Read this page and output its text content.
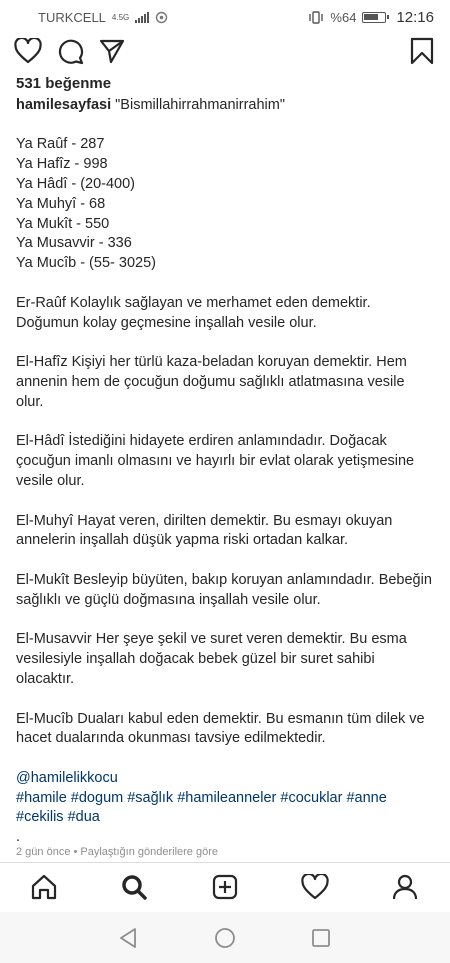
TURKCELL 4.5G	%64	12:16
531 beğenme
hamilesayfasi "Bismillahirrahmanirrahim"
Ya Raûf - 287
Ya Hafîz - 998
Ya Hâdî - (20-400)
Ya Muhyî - 68
Ya Mukît - 550
Ya Musavvir - 336
Ya Mucîb - (55- 3025)
Er-Raûf Kolaylık sağlayan ve merhamet eden demektir.
Doğumun kolay geçmesine inşallah vesile olur.
El-Hafîz Kişiyi her türlü kaza-beladan koruyan demektir. Hem
annenin hem de çocuğun doğumu sağlıklı atlatmasına vesile
olur.
El-Hâdî İstediğini hidayete erdiren anlamındadır. Doğacak
çocuğun imanlı olmasını ve hayırlı bir evlat olarak yetişmesine
vesile olur.
El-Muhyî Hayat veren, dirilten demektir. Bu esmayı okuyan
annelerin inşallah düşük yapma riski ortadan kalkar.
El-Mukît Besleyip büyüten, bakıp koruyan anlamındadır. Bebeğin
sağlıklı ve güçlü doğmasına inşallah vesile olur.
El-Musavvir Her şeye şekil ve suret veren demektir. Bu esma
vesilesiyle inşallah doğacak bebek güzel bir suret sahibi
olacaktır.
El-Mucîb Duaları kabul eden demektir. Bu esmanın tüm dilek ve
hacet dualarında okunması tavsiye edilmektedir.
@hamilelikkocu
#hamile #dogum #sağlık #hamileanneler #cocuklar #anne
#cekilis #dua
.
2 gün önce • Paylaştığın gönderilere göre
